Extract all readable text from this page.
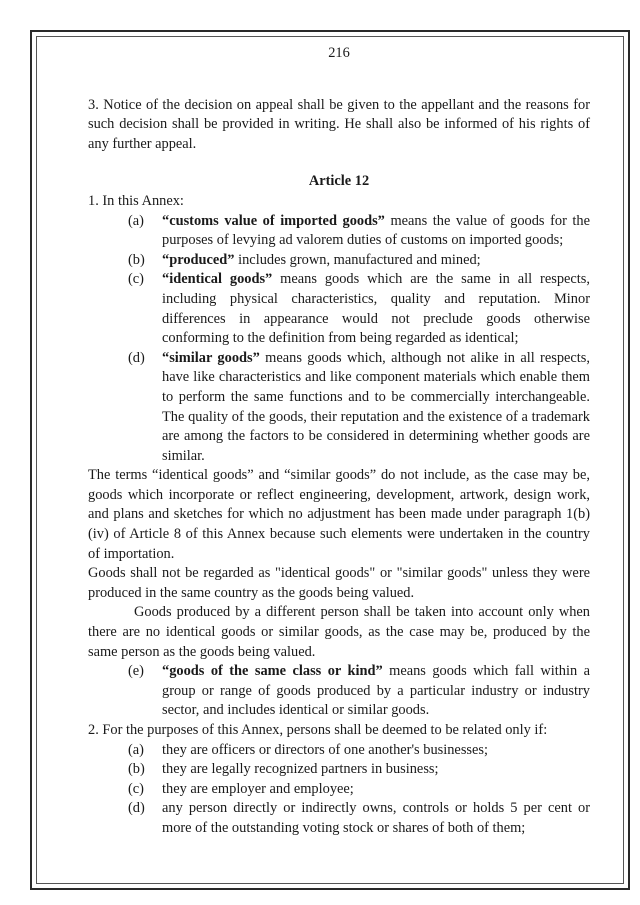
216

3. Notice of the decision on appeal shall be given to the appellant and the reasons for such decision shall be provided in writing. He shall also be informed of his rights of any further appeal.

Article 12

1. In this Annex:

(a)	“customs value of imported goods” means the value of goods for the purposes of levying ad valorem duties of customs on imported goods;
(b)	“produced” includes grown, manufactured and mined;
(c)	“identical goods” means goods which are the same in all respects, including physical characteristics, quality and reputation. Minor differences in appearance would not preclude goods otherwise conforming to the definition from being regarded as identical;
(d)	“similar goods” means goods which, although not alike in all respects, have like characteristics and like component materials which enable them to perform the same functions and to be commercially interchangeable. The quality of the goods, their reputation and the existence of a trademark are among the factors to be considered in determining whether goods are similar.

The terms “identical goods” and “similar goods” do not include, as the case may be, goods which incorporate or reflect engineering, development, artwork, design work, and plans and sketches for which no adjustment has been made under paragraph 1(b)(iv) of Article 8 of this Annex because such elements were undertaken in the country of importation.

Goods shall not be regarded as "identical goods" or "similar goods" unless they were produced in the same country as the goods being valued.

Goods produced by a different person shall be taken into account only when there are no identical goods or similar goods, as the case may be, produced by the same person as the goods being valued.

(e)	“goods of the same class or kind” means goods which fall within a group or range of goods produced by a particular industry or industry sector, and includes identical or similar goods.

2. For the purposes of this Annex, persons shall be deemed to be related only if:

(a)	they are officers or directors of one another's businesses;
(b)	they are legally recognized partners in business;
(c)	they are employer and employee;
(d)	any person directly or indirectly owns, controls or holds 5 per cent or more of the outstanding voting stock or shares of both of them;
